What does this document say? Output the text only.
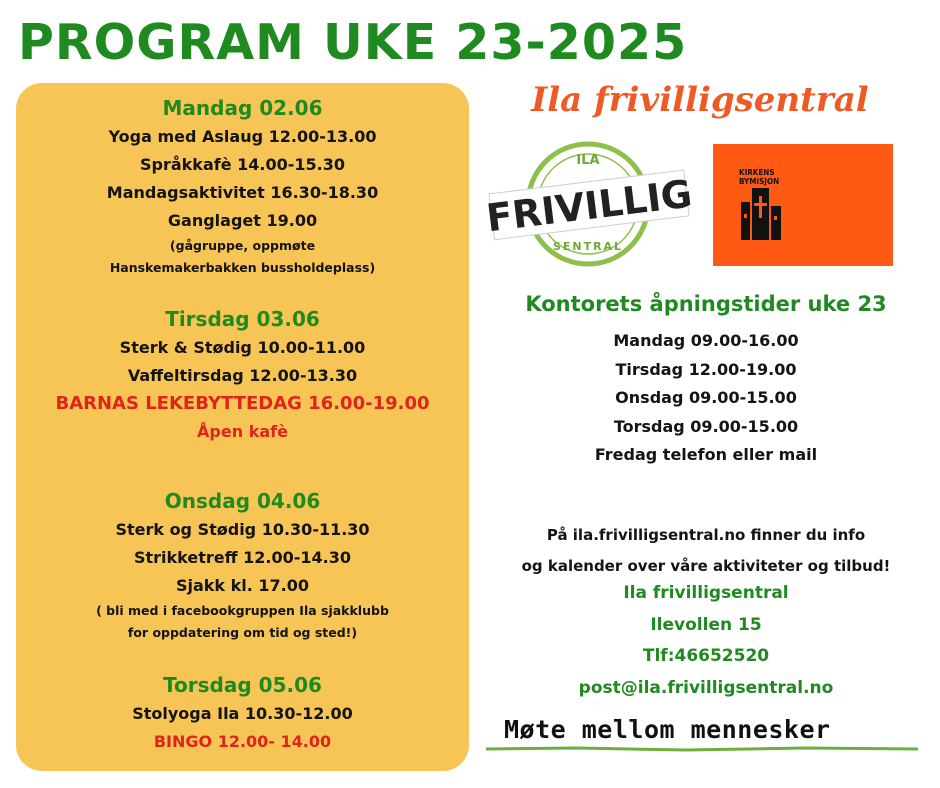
PROGRAM UKE 23-2025
Mandag 02.06
Yoga med Aslaug 12.00-13.00
Språkkafè 14.00-15.30
Mandagsaktivitet 16.30-18.30
Ganglaget 19.00
(gågruppe, oppmøte
Hanskemakerbakken bussholdeplass)
Tirsdag 03.06
Sterk & Stødig 10.00-11.00
Vaffeltirsdag 12.00-13.30
BARNAS LEKEBYTTEDAG 16.00-19.00
Åpen kafè
Onsdag 04.06
Sterk og Stødig 10.30-11.30
Strikketreff 12.00-14.30
Sjakk kl. 17.00
( bli med i facebookgruppen Ila sjakklubb
for oppdatering om tid og sted!)
Torsdag 05.06
Stolyoga Ila 10.30-12.00
BINGO 12.00- 14.00
Ila frivilligsentral
ILA
FRIVILLIG
SENTRAL
KIRKENS
BYMISJON
Kontorets åpningstider uke 23
Mandag 09.00-16.00
Tirsdag 12.00-19.00
Onsdag 09.00-15.00
Torsdag 09.00-15.00
Fredag telefon eller mail
På ila.frivilligsentral.no finner du info
og kalender over våre aktiviteter og tilbud!
Ila frivilligsentral
Ilevollen 15
Tlf:46652520
post@ila.frivilligsentral.no
Møte mellom mennesker
